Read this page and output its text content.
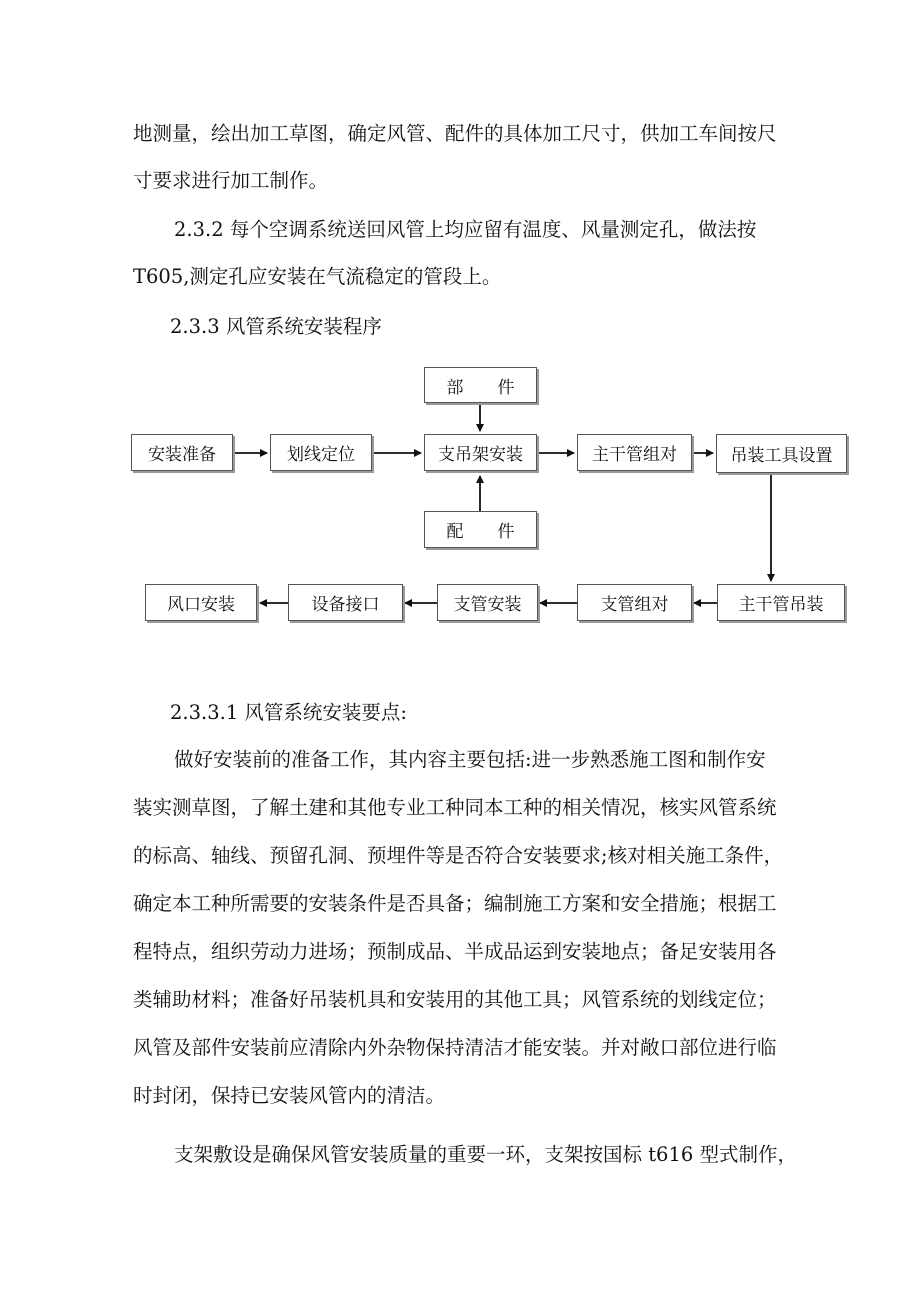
地测量，绘出加工草图，确定风管、配件的具体加工尺寸，供加工车间按尺
寸要求进行加工制作。
2.3.2 每个空调系统送回风管上均应留有温度、风量测定孔，做法按
T605,测定孔应安装在气流稳定的管段上。
2.3.3 风管系统安装程序
部　　件
配　　件
安装准备	划线定位	支吊架安装	主干管组对	吊装工具设置
主干管吊装
支管组对
支管安装
设备接口
风口安装
2.3.3.1 风管系统安装要点:
做好安装前的准备工作，其内容主要包括:进一步熟悉施工图和制作安
装实测草图，了解土建和其他专业工种同本工种的相关情况，核实风管系统
的标高、轴线、预留孔洞、预埋件等是否符合安装要求;核对相关施工条件，
确定本工种所需要的安装条件是否具备；编制施工方案和安全措施；根据工
程特点，组织劳动力进场；预制成品、半成品运到安装地点；备足安装用各
类辅助材料；准备好吊装机具和安装用的其他工具；风管系统的划线定位；
风管及部件安装前应清除内外杂物保持清洁才能安装。并对敞口部位进行临
时封闭，保持已安装风管内的清洁。
支架敷设是确保风管安装质量的重要一环，支架按国标 t616 型式制作，
